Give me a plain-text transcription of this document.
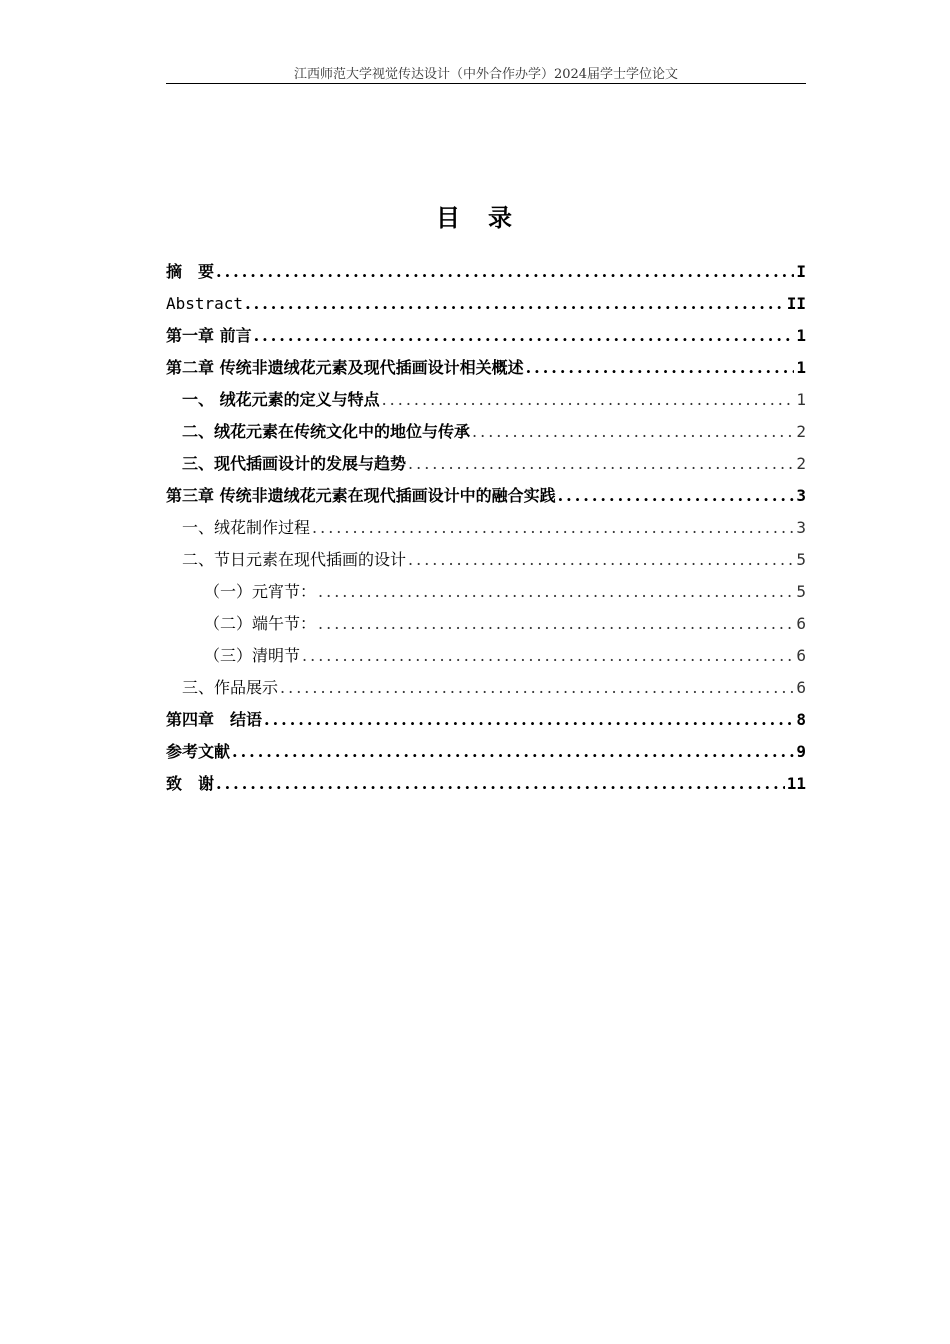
江西师范大学视觉传达设计（中外合作办学）2024届学士学位论文
目　录
摘　要 .....	I
Abstract .....	II
第一章 前言 .....	1
第二章 传统非遗绒花元素及现代插画设计相关概述 .....	1
一、 绒花元素的定义与特点 .....	1
二、绒花元素在传统文化中的地位与传承 .....	2
三、现代插画设计的发展与趋势 .....	2
第三章 传统非遗绒花元素在现代插画设计中的融合实践 .....	3
一、绒花制作过程 .....	3
二、节日元素在现代插画的设计 .....	5
（一）元宵节： .....	5
（二）端午节： .....	6
（三）清明节 .....	6
三、作品展示 .....	6
第四章　结语 .....	8
参考文献 .....	9
致　谢 .....	11
